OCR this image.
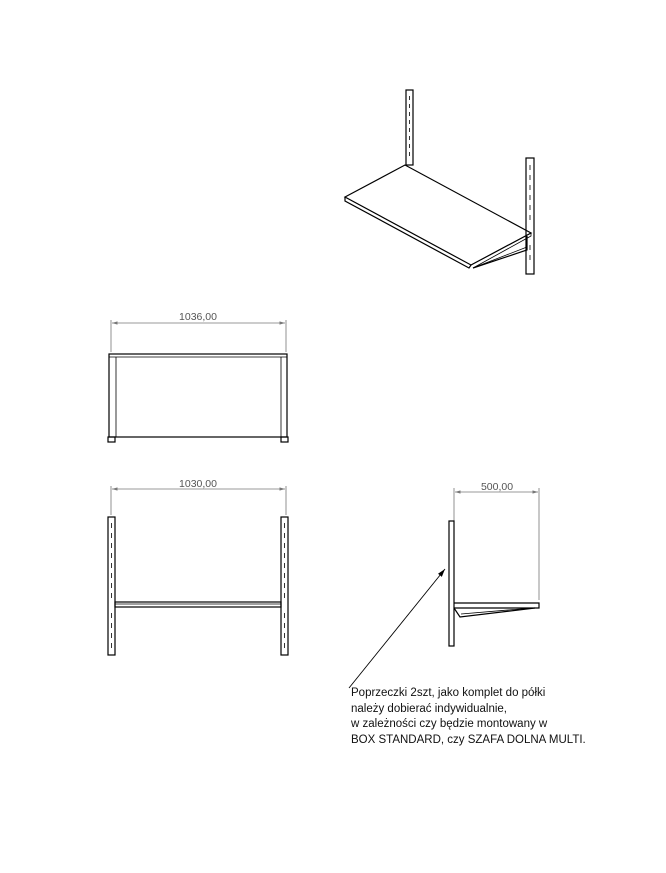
1036,00
1030,00	500,00
Poprzeczki 2szt, jako komplet do półki
należy dobierać indywidualnie,
w zależności czy będzie montowany w
BOX STANDARD, czy SZAFA DOLNA MULTI.
